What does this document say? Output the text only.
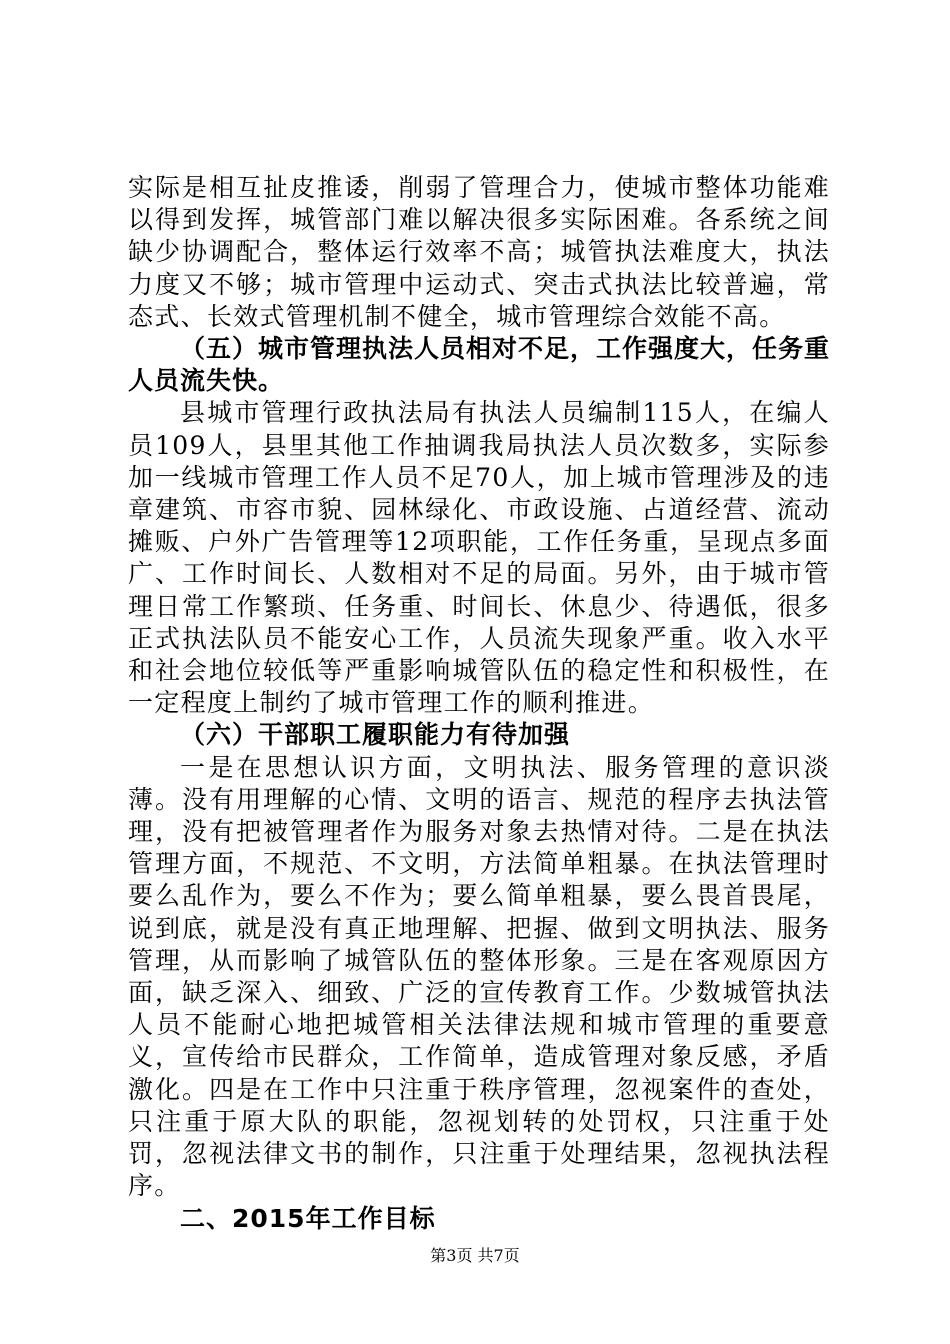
实际是相互扯皮推诿，削弱了管理合力，使城市整体功能难以得到发挥，城管部门难以解决很多实际困难。各系统之间缺少协调配合，整体运行效率不高；城管执法难度大，执法力度又不够；城市管理中运动式、突击式执法比较普遍，常态式、长效式管理机制不健全，城市管理综合效能不高。

（五）城市管理执法人员相对不足，工作强度大，任务重人员流失快。

县城市管理行政执法局有执法人员编制115人，在编人员109人，县里其他工作抽调我局执法人员次数多，实际参加一线城市管理工作人员不足70人，加上城市管理涉及的违章建筑、市容市貌、园林绿化、市政设施、占道经营、流动摊贩、户外广告管理等12项职能，工作任务重，呈现点多面广、工作时间长、人数相对不足的局面。另外，由于城市管理日常工作繁琐、任务重、时间长、休息少、待遇低，很多正式执法队员不能安心工作，人员流失现象严重。收入水平和社会地位较低等严重影响城管队伍的稳定性和积极性，在一定程度上制约了城市管理工作的顺利推进。

（六）干部职工履职能力有待加强

一是在思想认识方面，文明执法、服务管理的意识淡薄。没有用理解的心情、文明的语言、规范的程序去执法管理，没有把被管理者作为服务对象去热情对待。二是在执法管理方面，不规范、不文明，方法简单粗暴。在执法管理时要么乱作为，要么不作为；要么简单粗暴，要么畏首畏尾，说到底，就是没有真正地理解、把握、做到文明执法、服务管理，从而影响了城管队伍的整体形象。三是在客观原因方面，缺乏深入、细致、广泛的宣传教育工作。少数城管执法人员不能耐心地把城管相关法律法规和城市管理的重要意义，宣传给市民群众，工作简单，造成管理对象反感，矛盾激化。四是在工作中只注重于秩序管理，忽视案件的查处，只注重于原大队的职能，忽视划转的处罚权，只注重于处罚，忽视法律文书的制作，只注重于处理结果，忽视执法程序。

二、2015年工作目标

第3页 共7页
